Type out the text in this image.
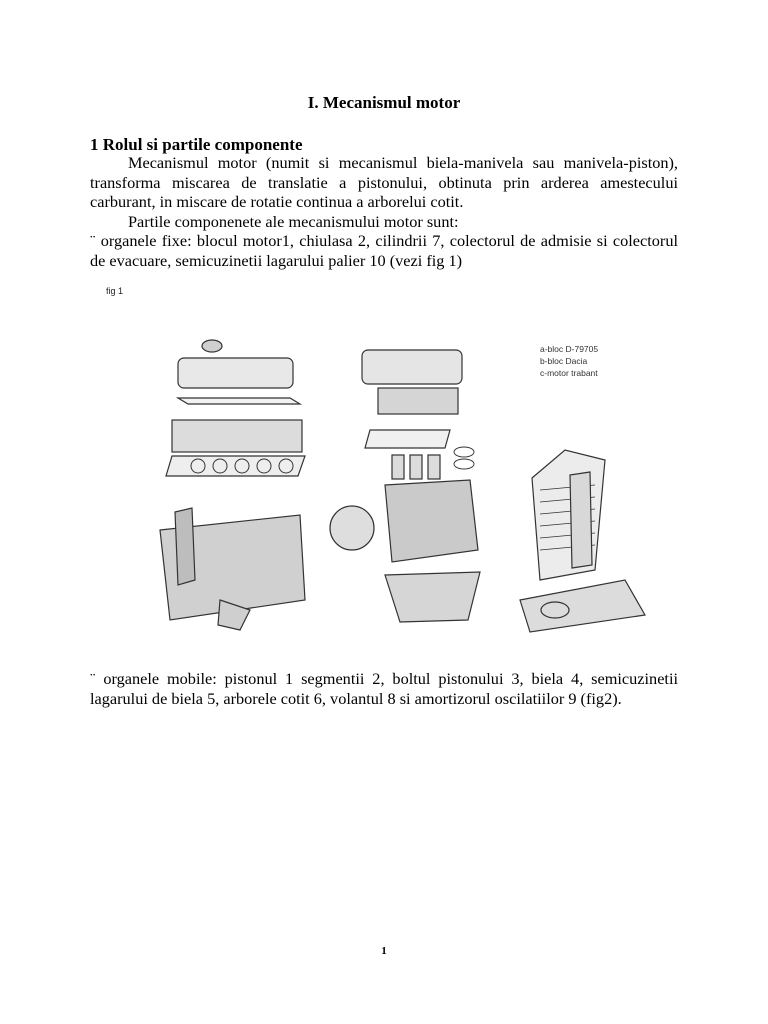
I. Mecanismul motor
1 Rolul si partile componente

Mecanismul motor (numit si mecanismul biela-manivela sau manivela-piston), transforma miscarea de translatie a pistonului, obtinuta prin arderea amestecului carburant, in miscare de rotatie continua a arborelui cotit.

Partile componenete ale mecanismului motor sunt:

¨ organele fixe: blocul motor1, chiulasa 2, cilindrii 7, colectorul de admisie si colectorul de evacuare, semicuzinetii lagarului palier 10 (vezi fig 1)

fig 1
a-bloc D-79705
b-bloc Dacia
c-motor trabant

¨ organele mobile: pistonul 1 segmentii 2, boltul pistonului 3, biela 4, semicuzinetii lagarului de biela 5, arborele cotit 6, volantul 8 si amortizorul oscilatiilor 9 (fig2).

1
